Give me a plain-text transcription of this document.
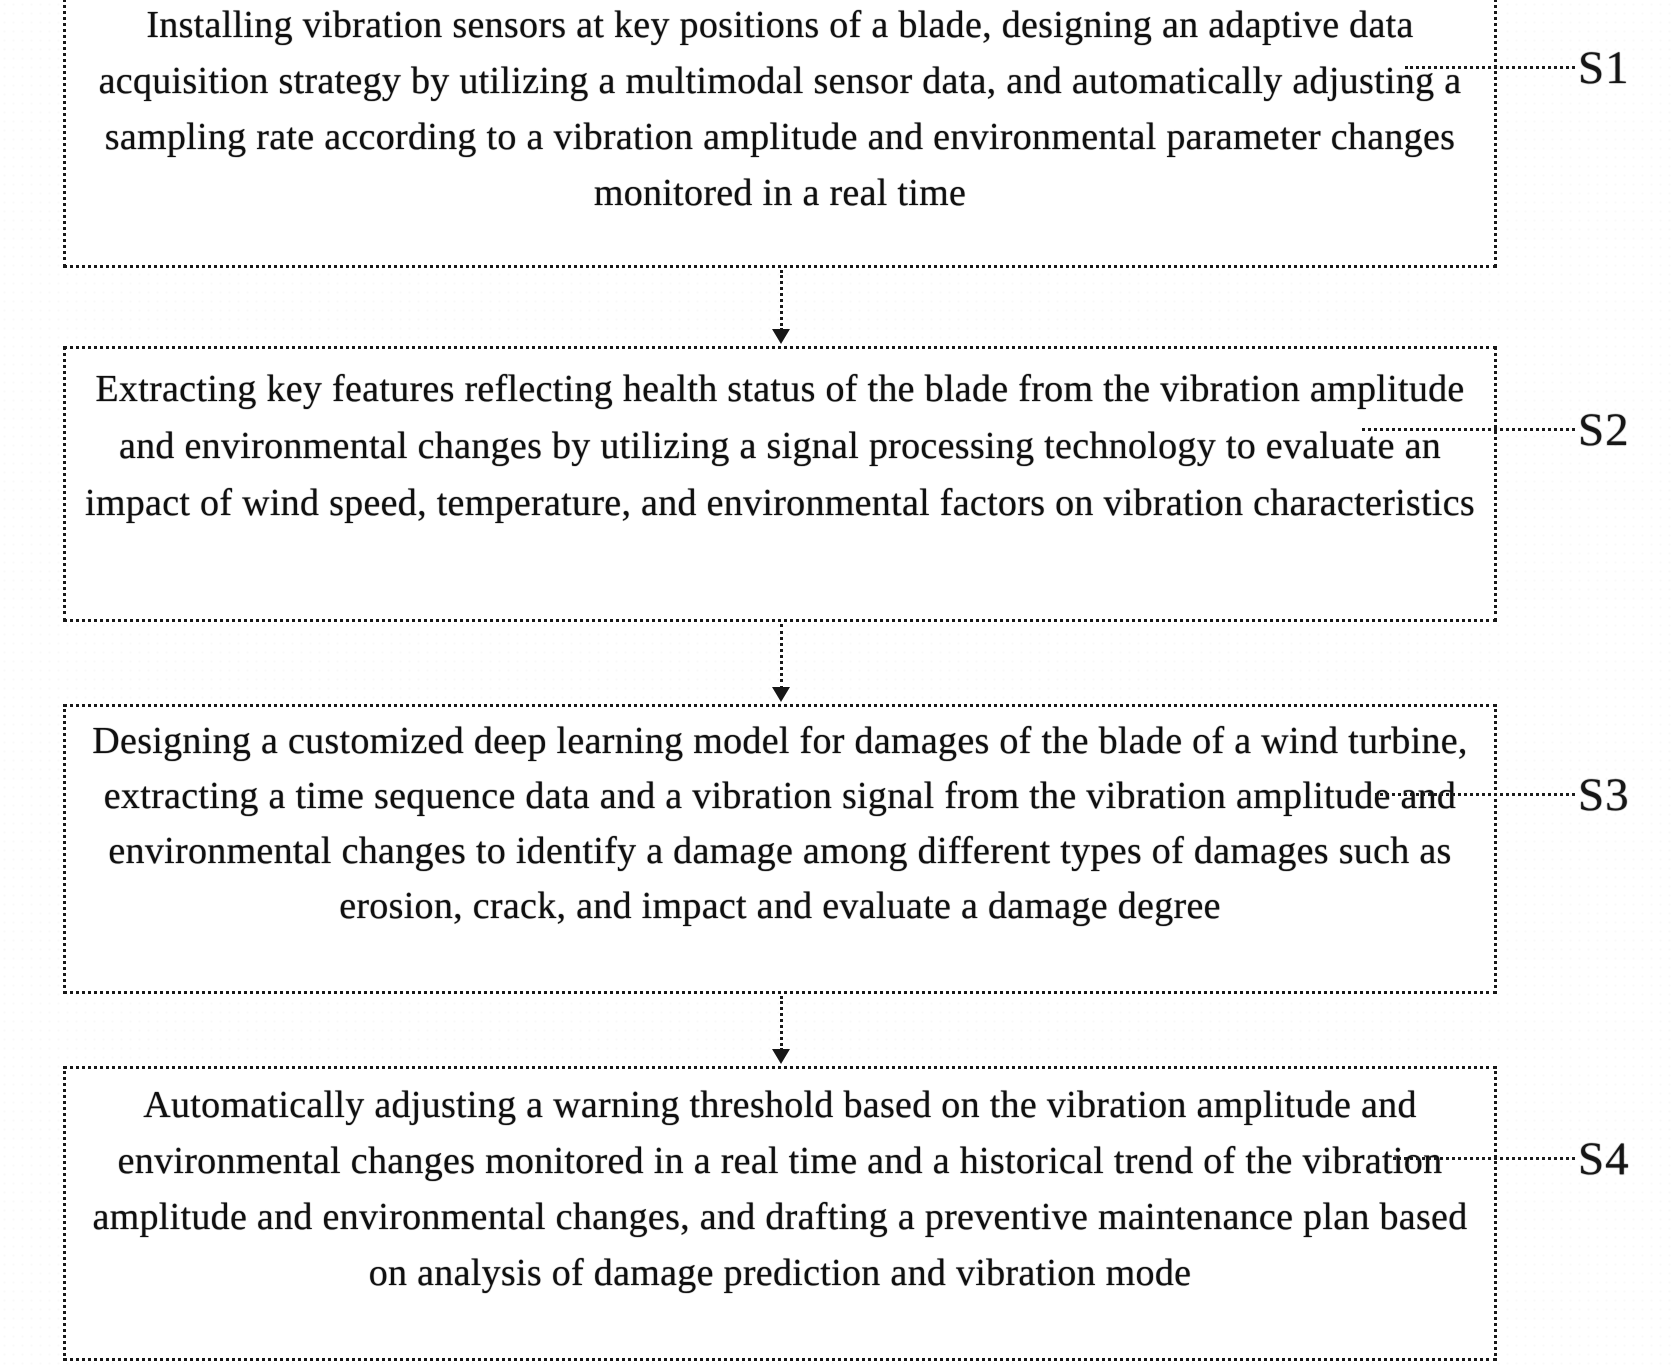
Installing vibration sensors at key positions of a blade, designing an adaptive data acquisition strategy by utilizing a multimodal sensor data, and automatically adjusting a sampling rate according to a vibration amplitude and environmental parameter changes monitored in a real time
Extracting key features reflecting health status of the blade from the vibration amplitude and environmental changes by utilizing a signal processing technology to evaluate an impact of wind speed, temperature, and environmental factors on vibration characteristics
Designing a customized deep learning model for damages of the blade of a wind turbine, extracting a time sequence data and a vibration signal from the vibration amplitude and environmental changes to identify a damage among different types of damages such as erosion, crack, and impact and evaluate a damage degree
Automatically adjusting a warning threshold based on the vibration amplitude and environmental changes monitored in a real time and a historical trend of the vibration amplitude and environmental changes, and drafting a preventive maintenance plan based on analysis of damage prediction and vibration mode
S1
S2
S3
S4
